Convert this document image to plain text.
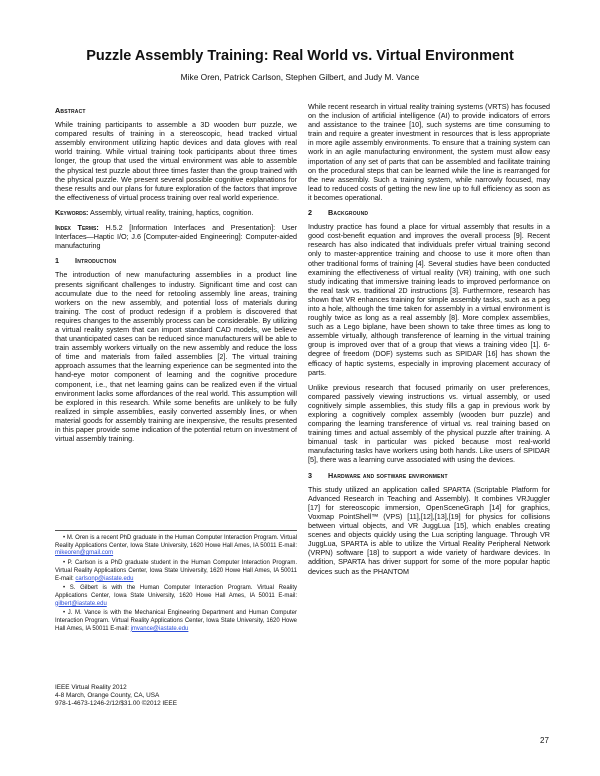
Puzzle Assembly Training: Real World vs. Virtual Environment
Mike Oren, Patrick Carlson, Stephen Gilbert, and Judy M. Vance
Abstract

While training participants to assemble a 3D wooden burr puzzle, we compared results of training in a stereoscopic, head tracked virtual assembly environment utilizing haptic devices and data gloves with real world training. While virtual training took participants about three times longer, the group that used the virtual environment was able to assemble the physical test puzzle about three times faster than the group trained with the physical puzzle. We present several possible cognitive explanations for these results and our plans for future exploration of the factors that improve the effectiveness of virtual process training over real world experience.

Keywords: Assembly, virtual reality, training, haptics, cognition.

Index Terms: H.5.2 [Information Interfaces and Presentation]: User Interfaces—Haptic I/O; J.6 [Computer-aided Engineering]: Computer-aided manufacturing

1 Introduction

The introduction of new manufacturing assemblies in a product line presents significant challenges to industry. Significant time and cost can accumulate due to the need for retooling assembly line areas, training workers on the new assembly, and potential loss of materials during training. The cost of product redesign if a problem is discovered that requires changes to the assembly process can be considerable. By utilizing a virtual reality system that can import standard CAD models, we believe that unanticipated cases can be reduced since manufacturers will be able to train assembly workers virtually on the new assembly and reduce the loss of time and materials from failed assemblies [2]. The virtual training approach assumes that the learning experience can be segmented into the hand-eye motor component of learning and the cognitive procedure component, i.e., that net learning gains can be realized even if the virtual environment lacks some affordances of the real world. This assumption will be explored in this research. While some benefits are unlikely to be fully realized in simple assemblies, easily converted assembly lines, or when material goods for assembly training are inexpensive, the results presented in this paper provide some indication of the potential return on investment of virtual assembly training.

• M. Oren is a recent PhD graduate in the Human Computer Interaction Program. Virtual Reality Applications Center, Iowa State University, 1620 Howe Hall Ames, IA 50011 E-mail: mikeoren@gmail.com

• P. Carlson is a PhD graduate student in the Human Computer Interaction Program. Virtual Reality Applications Center, Iowa State University, 1620 Howe Hall Ames, IA 50011 E-mail: carlsonp@iastate.edu

• S. Gilbert is with the Human Computer Interaction Program. Virtual Reality Applications Center, Iowa State University, 1620 Howe Hall Ames, IA 50011 E-mail: gilbert@iastate.edu

• J. M. Vance is with the Mechanical Engineering Department and Human Computer Interaction Program. Virtual Reality Applications Center, Iowa State University, 1620 Howe Hall Ames, IA 50011 E-mail: jmvance@iastate.edu

IEEE Virtual Reality 2012
4-8 March, Orange County, CA, USA
978-1-4673-1246-2/12/$31.00 ©2012 IEEE

While recent research in virtual reality training systems (VRTS) has focused on the inclusion of artificial intelligence (AI) to provide indicators of errors and assistance to the trainee [10], such systems are time consuming to train and require a greater investment in resources that is less appropriate in more agile assembly environments. To ensure that a training system can work in an agile manufacturing environment, the system must allow easy importation of any set of parts that can be assembled and facilitate training on the procedural steps that can be learned while the line is rearranged for the new assembly. Such a training system, while narrowly focused, may lead to reduced costs of getting the new line up to full efficiency as soon as it becomes operational.

2 Background

Industry practice has found a place for virtual assembly that results in a good cost-benefit equation and improves the overall process [9]. Recent research has also indicated that individuals prefer virtual training second only to master-apprentice training and choose to use it more often than other traditional forms of training [4]. Several studies have been conducted examining the effectiveness of virtual reality (VR) training, with one such study indicating that immersive training leads to improved performance on the real task vs. traditional 2D instructions [3]. Furthermore, research has shown that VR enhances training for simple assembly tasks, such as a peg into a hole, although the time taken for assembly in a virtual environment is roughly twice as long as a real assembly [8]. More complex assemblies, such as a Lego biplane, have been shown to take three times as long to assemble virtually, although transference of learning in the virtual training group is improved over that of a group that views a training video [1]. 6-degree of freedom (DOF) systems such as SPIDAR [16] has shown the efficacy of haptic systems, especially in improving placement accuracy of parts.

Unlike previous research that focused primarily on user preferences, compared passively viewing instructions vs. virtual assembly, or used cognitively simple assemblies, this study fills a gap in previous work by exploring a cognitively complex assembly (wooden burr puzzle) and comparing the learning transference of virtual vs. real training based on training times and actual assembly of the physical puzzle after training. A bimanual task in particular was picked because most real-world manufacturing tasks have workers using both hands. Like users of SPIDAR [5], there was a learning curve associated with using the devices.

3 Hardware and software environment

This study utilized an application called SPARTA (Scriptable Platform for Advanced Research in Teaching and Assembly). It combines VRJuggler [17] for stereoscopic immersion, OpenSceneGraph [14] for graphics, Voxmap PointShell™ (VPS) [11],[12],[13],[19] for physics for collisions between virtual objects, and VR JuggLua [15], which enables creating scenes and objects quickly using the Lua scripting language. Through VR JuggLua, SPARTA is able to utilize the Virtual Reality Peripheral Network (VRPN) software [18] to support a wide variety of hardware devices. In addition, SPARTA has driver support for some of the more popular haptic devices such as the PHANTOM

27
